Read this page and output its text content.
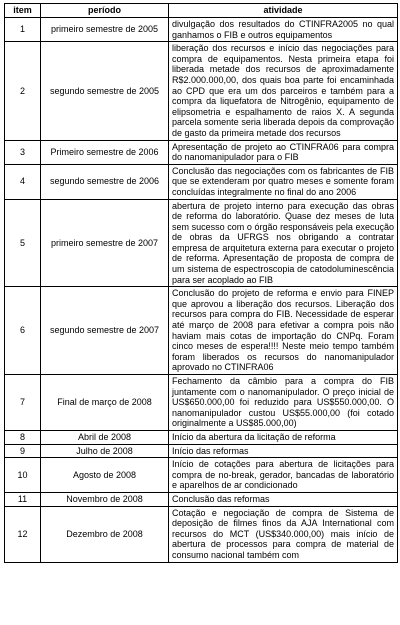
item	período	atividade
1	primeiro semestre de 2005	divulgação dos resultados do CTINFRA2005 no qual ganhamos o FIB e outros equipamentos
2	segundo semestre de 2005	liberação dos recursos e início das negociações para compra de equipamentos. Nesta primeira etapa foi liberada metade dos recursos de aproximadamente R$2.000.000,00, dos quais boa parte foi encaminhada ao CPD que era um dos parceiros e também para a compra da liquefatora de Nitrogênio, equipamento de elipsometria e espalhamento de raios X. A segunda parcela somente seria liberada depois da comprovação de gasto da primeira metade dos recursos
3	Primeiro semestre de 2006	Apresentação de projeto ao CTINFRA06 para compra do nanomanipulador para o FIB
4	segundo semestre de 2006	Conclusão das negociações com os fabricantes de FIB que se extenderam por quatro meses e somente foram concluídas integralmente no final do ano 2006
5	primeiro semestre de 2007	abertura de projeto interno para execução das obras de reforma do laboratório. Quase dez meses de luta sem sucesso com o órgão responsáveis pela execução de obras da UFRGS nos obrigando a contratar empresa de arquitetura externa para executar o projeto de reforma. Apresentação de proposta de compra de um sistema de espectroscopia de catodoluminescência para ser acoplado ao FIB
6	segundo semestre de 2007	Conclusão do projeto de reforma e envio para FINEP que aprovou a liberação dos recursos. Liberação dos recursos para compra do FIB. Necessidade de esperar até março de 2008 para efetivar a compra pois não haviam mais cotas de importação do CNPq. Foram cinco meses de espera!!!! Neste meio tempo também foram liberados os recursos do nanomanipulador aprovado no CTINFRA06
7	Final de março de 2008	Fechamento da câmbio para a compra do FIB juntamente com o nanomanipulador. O preço inicial de US$650.000,00 foi reduzido para US$550.000,00. O nanomanipulador custou US$55.000,00 (foi cotado originalmente a US$85.000,00)
8	Abril de 2008	Início da abertura da licitação de reforma
9	Julho de 2008	Início das reformas
10	Agosto de 2008	Início de cotações para abertura de licitações para compra de no-break, gerador, bancadas de laboratório e aparelhos de ar condicionado
11	Novembro de 2008	Conclusão das reformas
12	Dezembro de 2008	Cotação e negociação de compra de Sistema de deposição de filmes finos da AJA International com recursos do MCT (US$340.000,00) mais início de abertura de processos para compra de material de consumo nacional também com
